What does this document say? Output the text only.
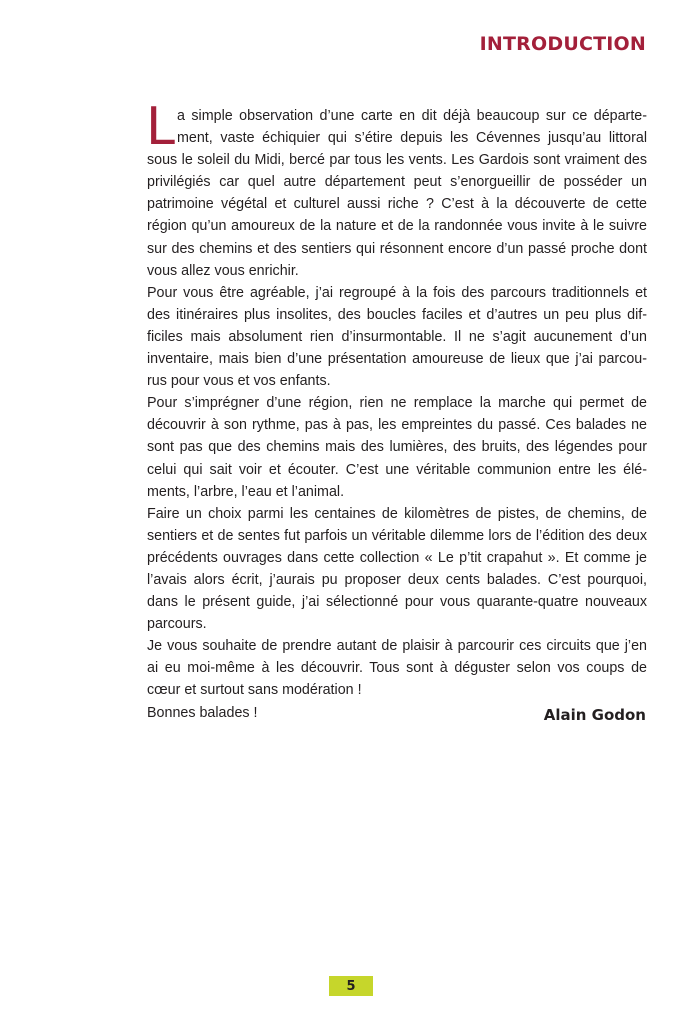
INTRODUCTION

La simple observation d’une carte en dit déjà beaucoup sur ce départe-ment, vaste échiquier qui s’étire depuis les Cévennes jusqu’au littoral sous le soleil du Midi, bercé par tous les vents. Les Gardois sont vraiment des privilégiés car quel autre département peut s’enorgueillir de posséder un patrimoine végétal et culturel aussi riche ? C’est à la découverte de cette région qu’un amoureux de la nature et de la randonnée vous invite à le suivre sur des chemins et des sentiers qui résonnent encore d’un passé proche dont vous allez vous enrichir.

Pour vous être agréable, j’ai regroupé à la fois des parcours traditionnels et des itinéraires plus insolites, des boucles faciles et d’autres un peu plus dif-ficiles mais absolument rien d’insurmontable. Il ne s’agit aucunement d’un inventaire, mais bien d’une présentation amoureuse de lieux que j’ai parcou-rus pour vous et vos enfants.

Pour s’imprégner d’une région, rien ne remplace la marche qui permet de découvrir à son rythme, pas à pas, les empreintes du passé. Ces balades ne sont pas que des chemins mais des lumières, des bruits, des légendes pour celui qui sait voir et écouter. C’est une véritable communion entre les élé-ments, l’arbre, l’eau et l’animal.

Faire un choix parmi les centaines de kilomètres de pistes, de chemins, de sentiers et de sentes fut parfois un véritable dilemme lors de l’édition des deux précédents ouvrages dans cette collection « Le p’tit crapahut ». Et comme je l’avais alors écrit, j’aurais pu proposer deux cents balades. C’est pourquoi, dans le présent guide, j’ai sélectionné pour vous quarante-quatre nouveaux parcours.

Je vous souhaite de prendre autant de plaisir à parcourir ces circuits que j’en ai eu moi-même à les découvrir. Tous sont à déguster selon vos coups de cœur et surtout sans modération !

Bonnes balades !	Alain Godon

5
